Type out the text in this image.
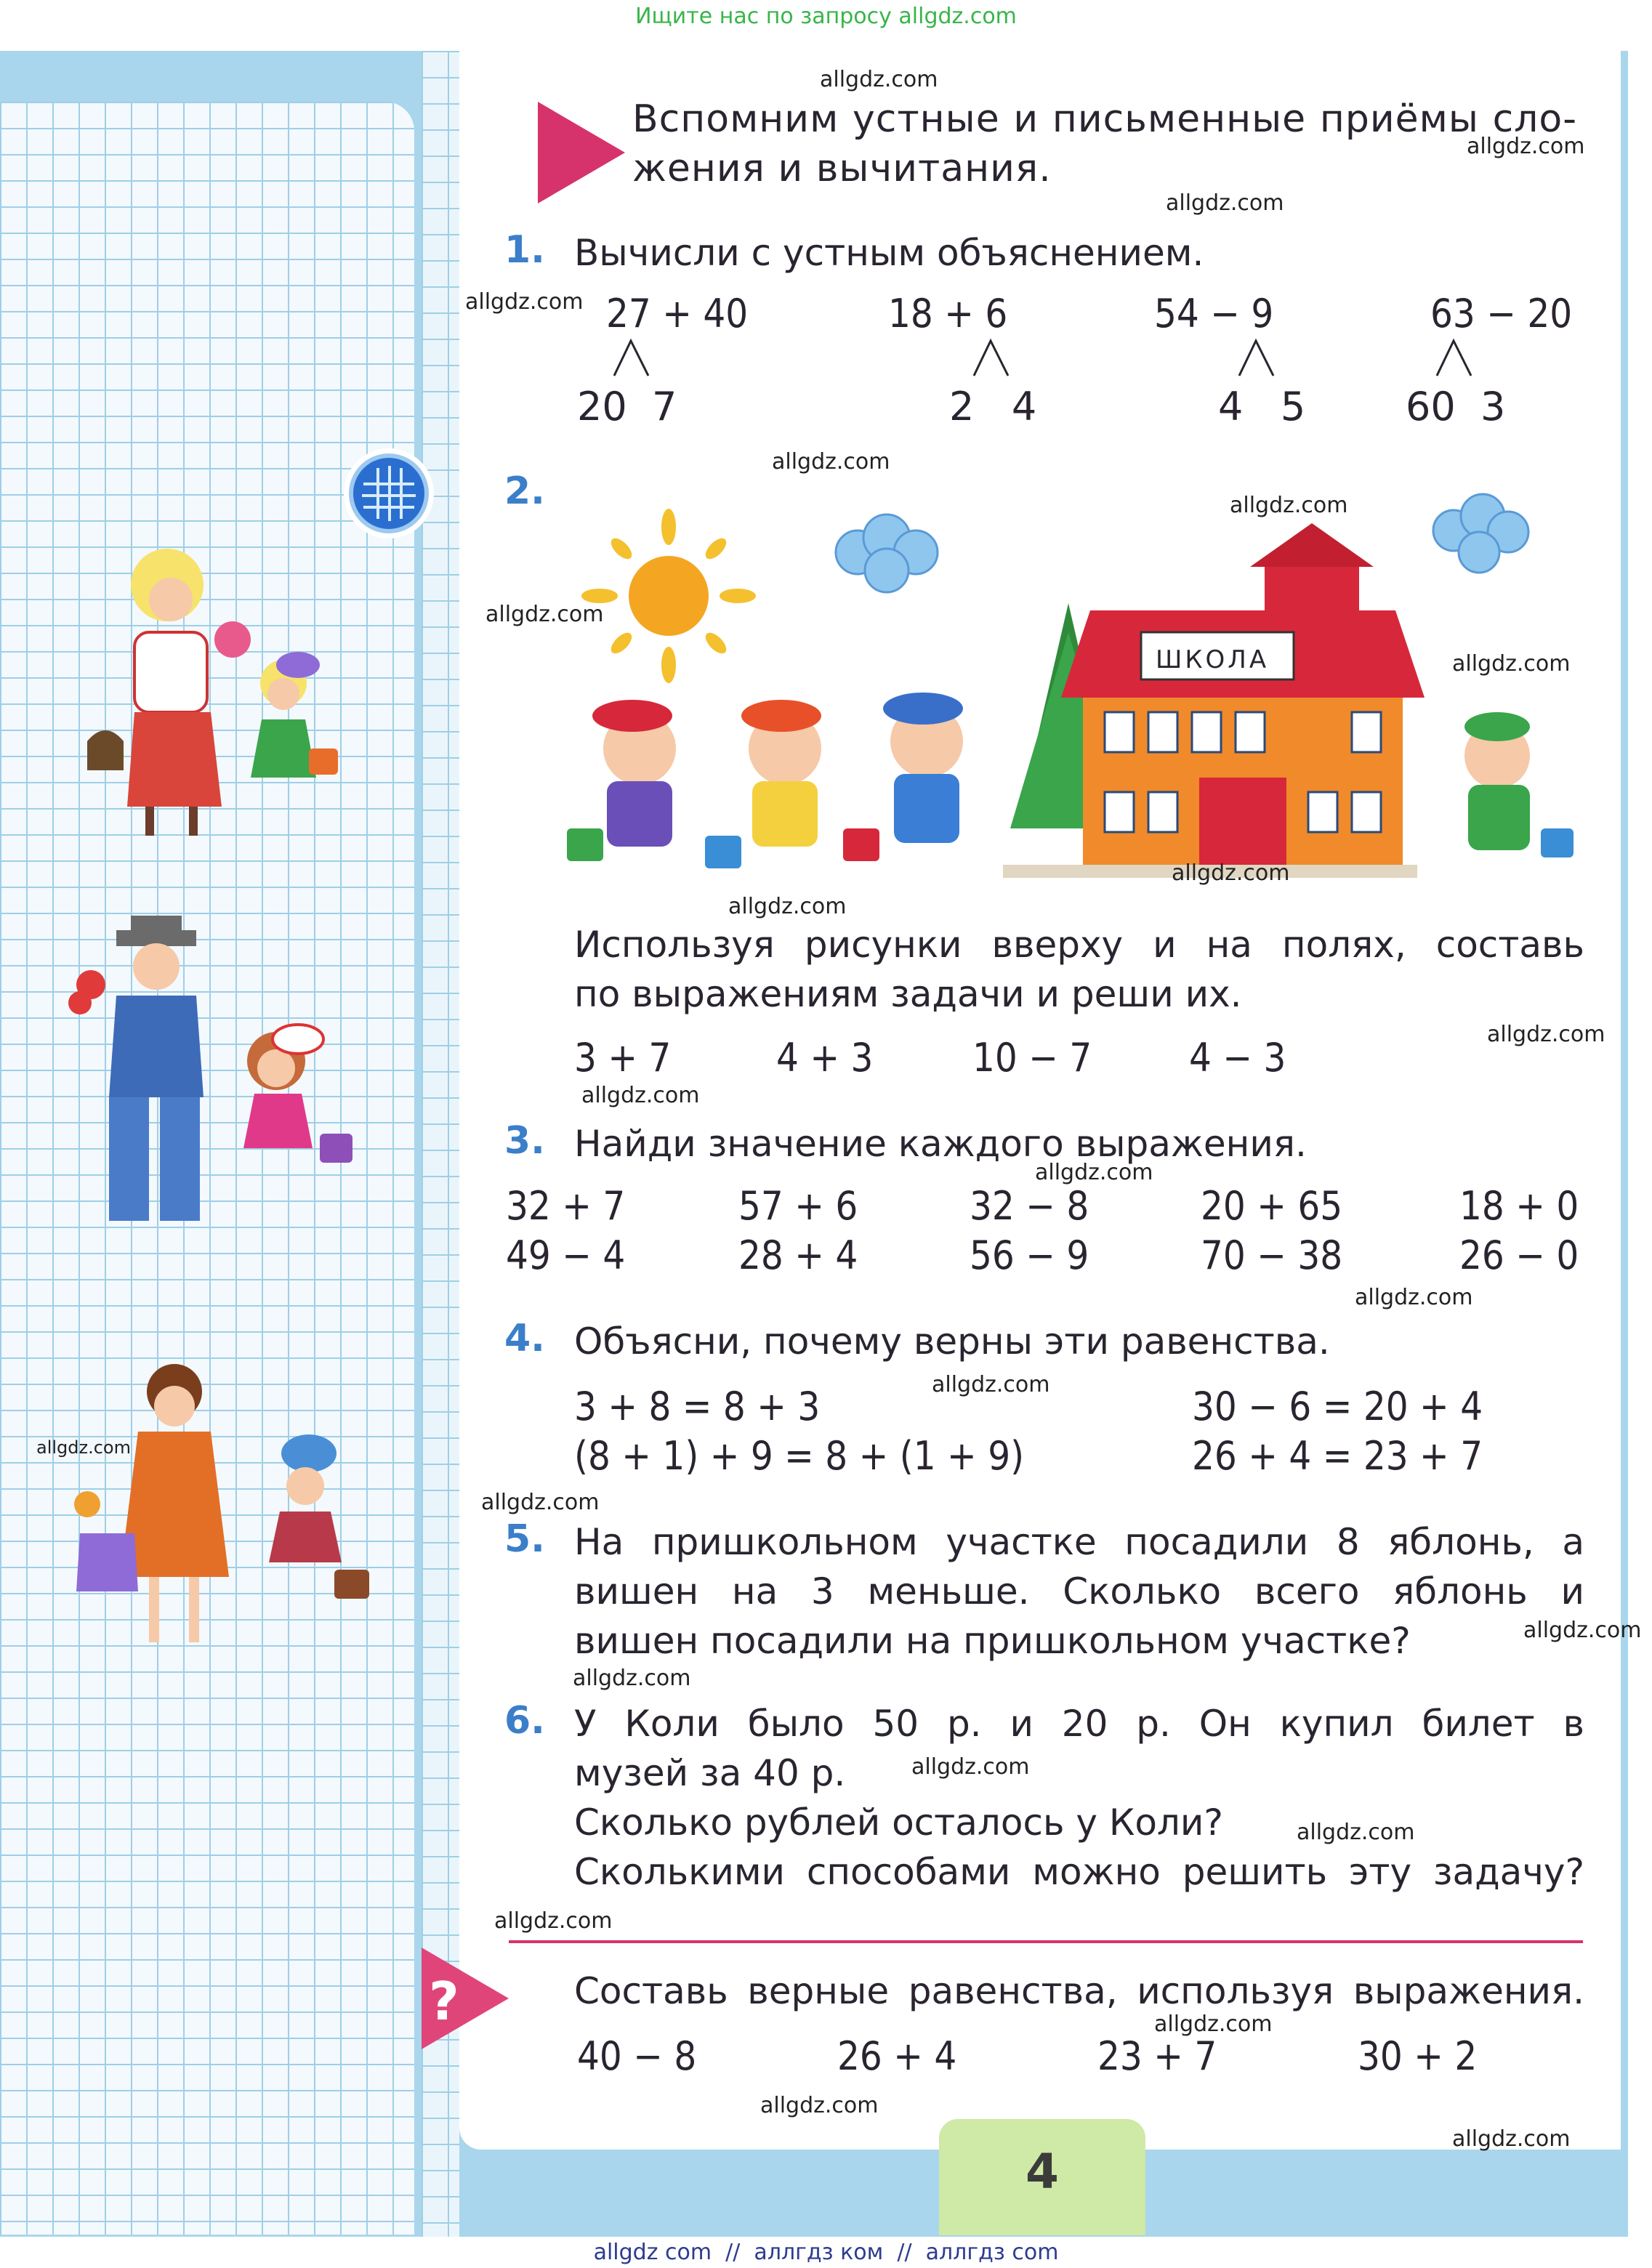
Ищите нас по запросу allgdz.com
Вспомним устные и письменные приёмы сло-
жения и вычитания.
1. Вычисли с устным объяснением.
27 + 40	18 + 6	54 − 9	63 − 20
20  7	2   4	4   5	60  3
2.
ШКОЛА
Используя рисунки вверху и на полях, составь
по выражениям задачи и реши их.
3 + 7	4 + 3	10 − 7 4 − 3
3. Найди значение каждого выражения.
32 + 7	57 + 6	32 − 8	20 + 65	18 + 0
49 − 4	28 + 4	56 − 9	70 − 38	26 − 0
4. Объясни, почему верны эти равенства.
3 + 8 = 8 + 3
(8 + 1) + 9 = 8 + (1 + 9)
30 − 6 = 20 + 4
26 + 4 = 23 + 7
5. На пришкольном участке посадили 8 яблонь, а
вишен на 3 меньше. Сколько всего яблонь и
вишен посадили на пришкольном участке?
6. У Коли было 50 р. и 20 р. Он купил билет в
музей за 40 р.
Сколько рублей осталось у Коли?
Сколькими способами можно решить эту задачу?
?	Составь верные равенства, используя выражения.
40 − 8	26 + 4	23 + 7	30 + 2
4
allgdz.com
allgdz.com
allgdz.com
allgdz.com
allgdz.com
allgdz.com
allgdz.com
allgdz.com
allgdz.com
allgdz.com
allgdz.com
allgdz.com
allgdz.com
allgdz.com
allgdz.com
allgdz.com
allgdz.com
allgdz.com
allgdz.com
allgdz.com
allgdz.com
allgdz.com
allgdz.com
allgdz.com
allgdz.com
allgdz com  //  аллгдз ком  //  аллгдз com
